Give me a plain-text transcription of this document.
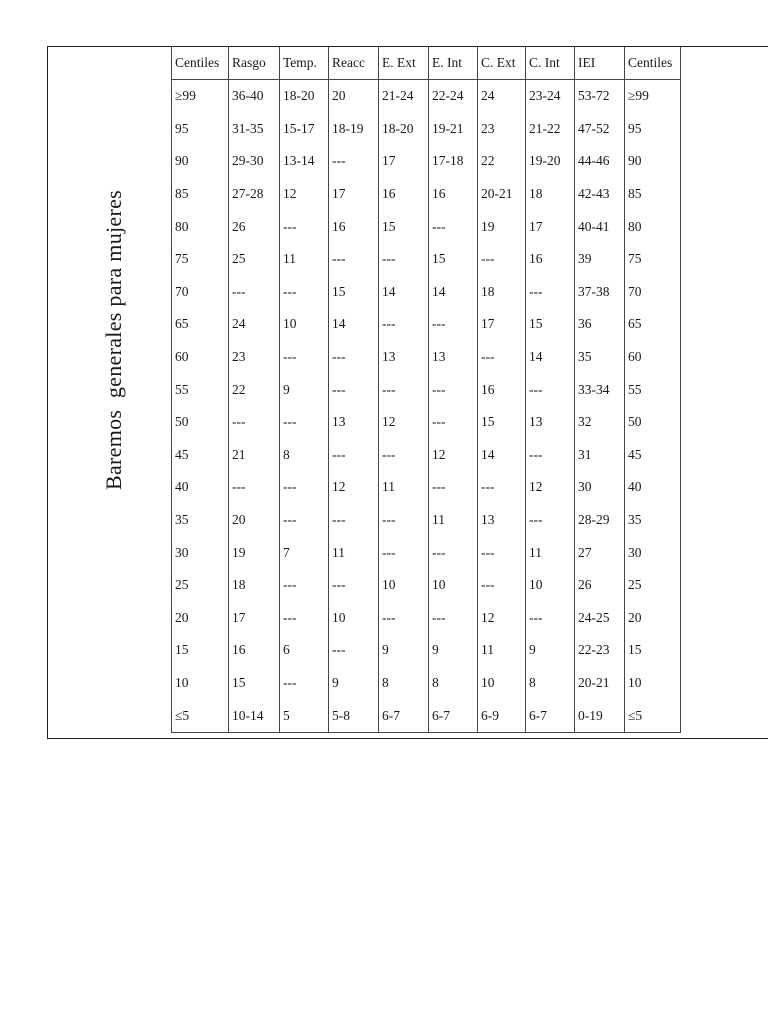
Baremos  generales para mujeres
Centiles	Rasgo	Temp.	Reacc	E. Ext	E. Int	C. Ext	C. Int	IEI	Centiles
≥99	36-40	18-20	20	21-24	22-24	24	23-24	53-72	≥99
95	31-35	15-17	18-19	18-20	19-21	23	21-22	47-52	95
90	29-30	13-14	---	17	17-18	22	19-20	44-46	90
85	27-28	12	17	16	16	20-21	18	42-43	85
80	26	---	16	15	---	19	17	40-41	80
75	25	11	---	---	15	---	16	39	75
70	---	---	15	14	14	18	---	37-38	70
65	24	10	14	---	---	17	15	36	65
60	23	---	---	13	13	---	14	35	60
55	22	9	---	---	---	16	---	33-34	55
50	---	---	13	12	---	15	13	32	50
45	21	8	---	---	12	14	---	31	45
40	---	---	12	11	---	---	12	30	40
35	20	---	---	---	11	13	---	28-29	35
30	19	7	11	---	---	---	11	27	30
25	18	---	---	10	10	---	10	26	25
20	17	---	10	---	---	12	---	24-25	20
15	16	6	---	9	9	11	9	22-23	15
10	15	---	9	8	8	10	8	20-21	10
≤5	10-14	5	5-8	6-7	6-7	6-9	6-7	0-19	≤5
